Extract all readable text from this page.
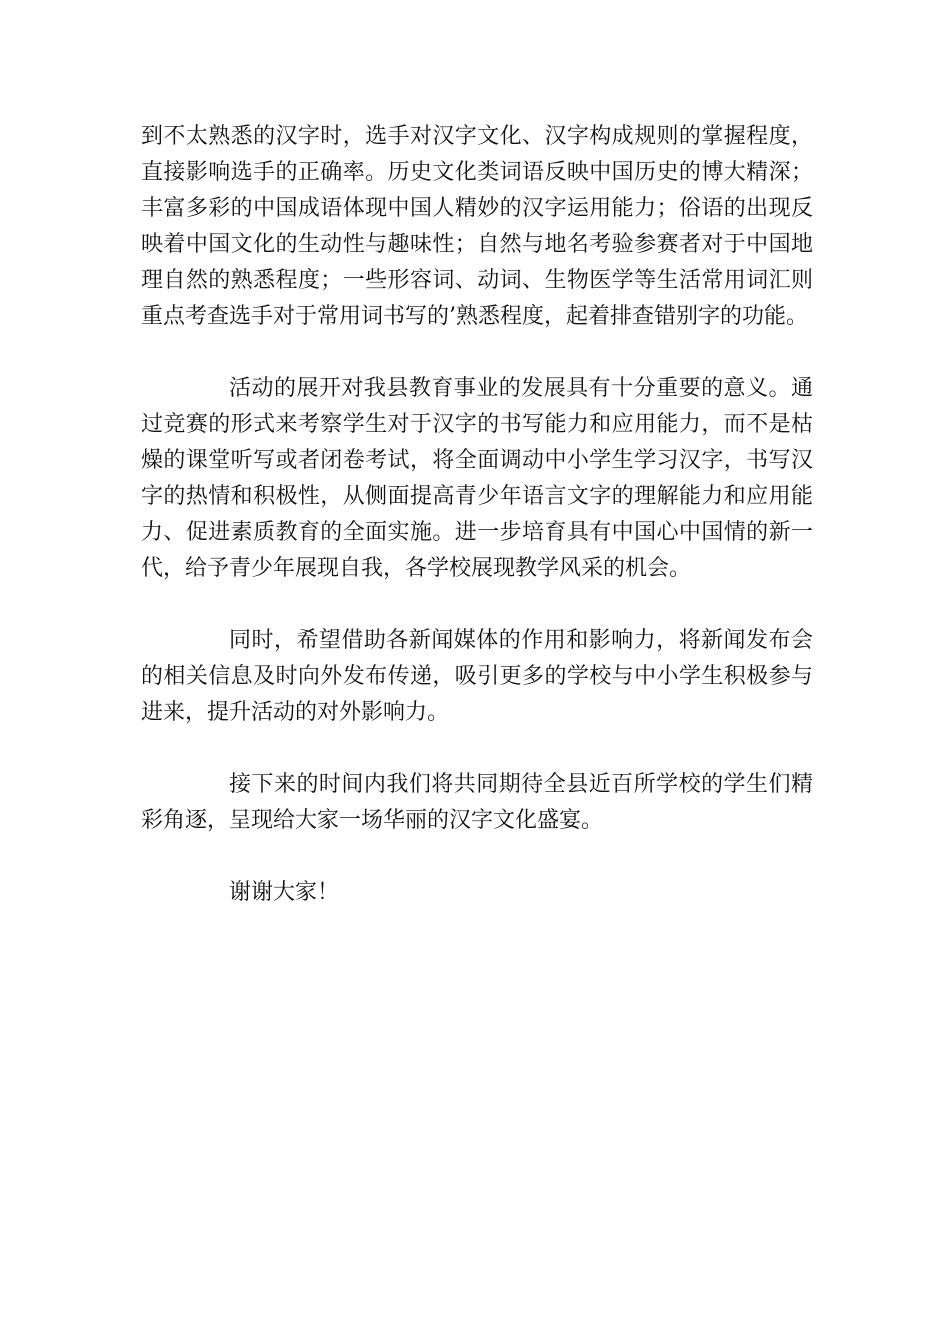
到不太熟悉的汉字时，选手对汉字文化、汉字构成规则的掌握程度，直接影响选手的正确率。历史文化类词语反映中国历史的博大精深；丰富多彩的中国成语体现中国人精妙的汉字运用能力；俗语的出现反映着中国文化的生动性与趣味性；自然与地名考验参赛者对于中国地理自然的熟悉程度；一些形容词、动词、生物医学等生活常用词汇则重点考查选手对于常用词书写的’熟悉程度，起着排查错别字的功能。

活动的展开对我县教育事业的发展具有十分重要的意义。通过竞赛的形式来考察学生对于汉字的书写能力和应用能力，而不是枯燥的课堂听写或者闭卷考试，将全面调动中小学生学习汉字，书写汉字的热情和积极性，从侧面提高青少年语言文字的理解能力和应用能力、促进素质教育的全面实施。进一步培育具有中国心中国情的新一代，给予青少年展现自我，各学校展现教学风采的机会。

同时，希望借助各新闻媒体的作用和影响力，将新闻发布会的相关信息及时向外发布传递，吸引更多的学校与中小学生积极参与进来，提升活动的对外影响力。

接下来的时间内我们将共同期待全县近百所学校的学生们精彩角逐，呈现给大家一场华丽的汉字文化盛宴。

谢谢大家！
